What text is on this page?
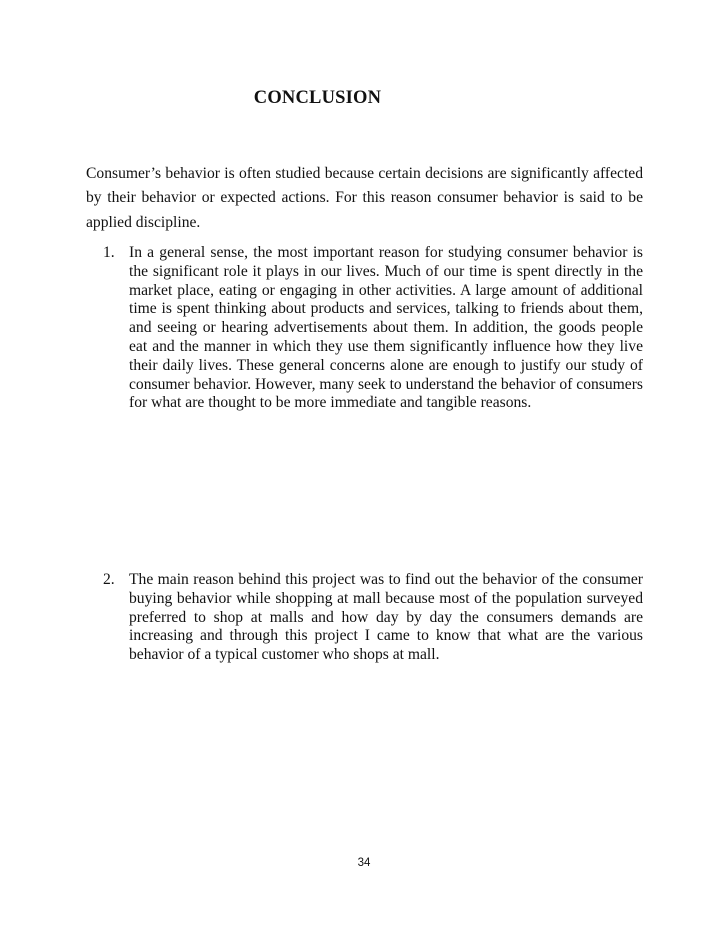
CONCLUSION

Consumer’s behavior is often studied because certain decisions are significantly affected by their behavior or expected actions. For this reason consumer behavior is said to be applied discipline.

1. In a general sense, the most important reason for studying consumer behavior is the significant role it plays in our lives. Much of our time is spent directly in the market place, eating or engaging in other activities. A large amount of additional time is spent thinking about products and services, talking to friends about them, and seeing or hearing advertisements about them. In addition, the goods people eat and the manner in which they use them significantly influence how they live their daily lives. These general concerns alone are enough to justify our study of consumer behavior. However, many seek to understand the behavior of consumers for what are thought to be more immediate and tangible reasons.
2. The main reason behind this project was to find out the behavior of the consumer buying behavior while shopping at mall because most of the population surveyed preferred to shop at malls and how day by day the consumers demands are increasing and through this project I came to know that what are the various behavior of a typical customer who shops at mall.

34
